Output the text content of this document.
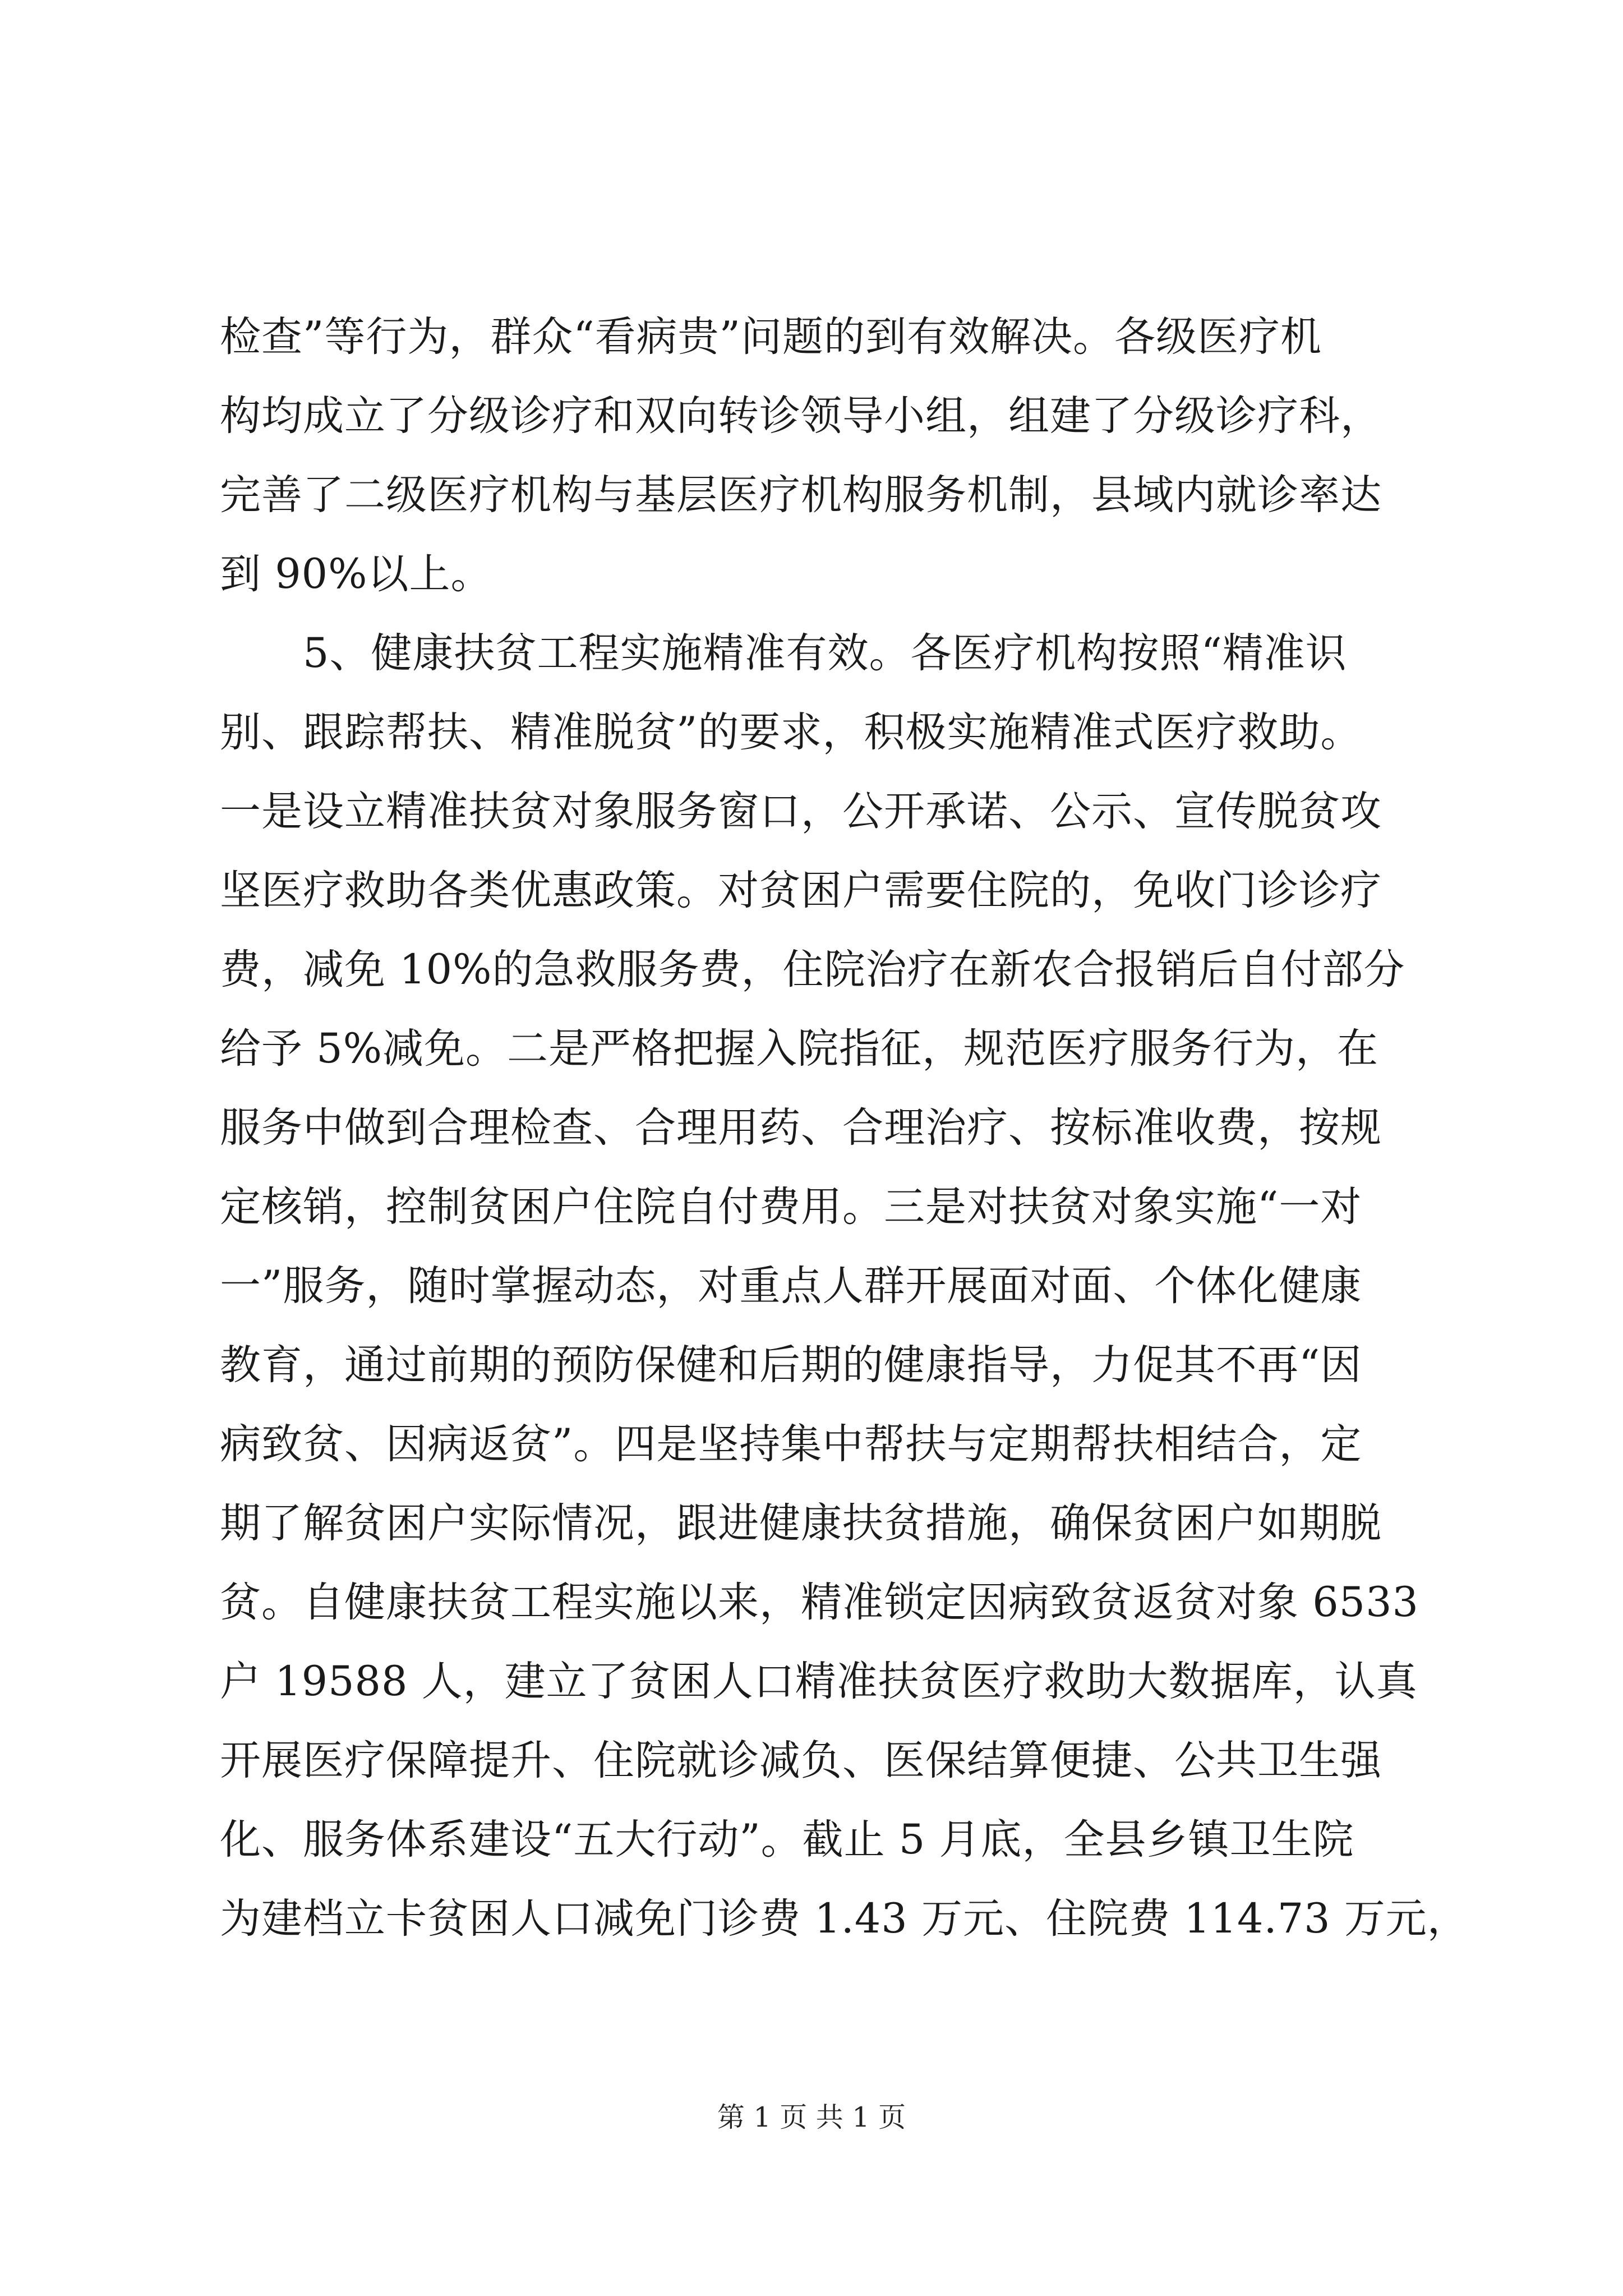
检查”等行为，群众“看病贵”问题的到有效解决。各级医疗机
构均成立了分级诊疗和双向转诊领导小组，组建了分级诊疗科，
完善了二级医疗机构与基层医疗机构服务机制，县域内就诊率达
到 90%以上。
5、健康扶贫工程实施精准有效。各医疗机构按照“精准识
别、跟踪帮扶、精准脱贫”的要求，积极实施精准式医疗救助。
一是设立精准扶贫对象服务窗口，公开承诺、公示、宣传脱贫攻
坚医疗救助各类优惠政策。对贫困户需要住院的，免收门诊诊疗
费，减免 10%的急救服务费，住院治疗在新农合报销后自付部分
给予 5%减免。二是严格把握入院指征，规范医疗服务行为，在
服务中做到合理检查、合理用药、合理治疗、按标准收费，按规
定核销，控制贫困户住院自付费用。三是对扶贫对象实施“一对
一”服务，随时掌握动态，对重点人群开展面对面、个体化健康
教育，通过前期的预防保健和后期的健康指导，力促其不再“因
病致贫、因病返贫”。四是坚持集中帮扶与定期帮扶相结合，定
期了解贫困户实际情况，跟进健康扶贫措施，确保贫困户如期脱
贫。自健康扶贫工程实施以来，精准锁定因病致贫返贫对象 6533
户 19588 人，建立了贫困人口精准扶贫医疗救助大数据库，认真
开展医疗保障提升、住院就诊减负、医保结算便捷、公共卫生强
化、服务体系建设“五大行动”。截止 5 月底，全县乡镇卫生院
为建档立卡贫困人口减免门诊费 1.43 万元、住院费 114.73 万元，
第 1 页 共 1 页
